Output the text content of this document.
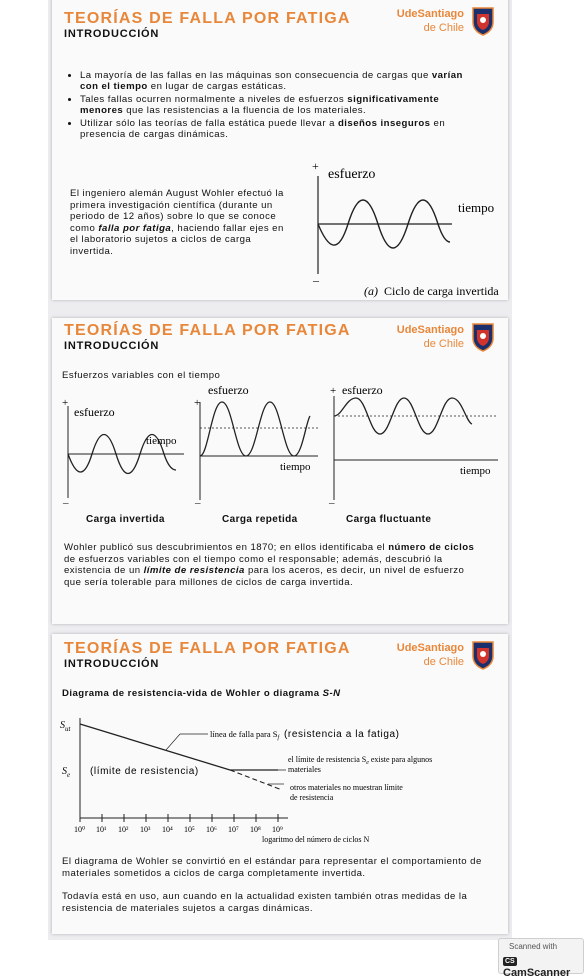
TEORÍAS DE FALLA POR FATIGA
INTRODUCCIÓN
UdeSantiago
de Chile
• La mayoría de las fallas en las máquinas son consecuencia de cargas que varían con el tiempo en lugar de cargas estáticas.
• Tales fallas ocurren normalmente a niveles de esfuerzos significativamente menores que las resistencias a la fluencia de los materiales.
• Utilizar sólo las teorías de falla estática puede llevar a diseños inseguros en presencia de cargas dinámicas.
El ingeniero alemán August Wohler efectuó la primera investigación científica (durante un periodo de 12 años) sobre lo que se conoce como falla por fatiga, haciendo fallar ejes en el laboratorio sujetos a ciclos de carga invertida.
+
esfuerzo
tiempo
–
(a) Ciclo de carga invertida
TEORÍAS DE FALLA POR FATIGA
INTRODUCCIÓN
UdeSantiago
de Chile
Esfuerzos variables con el tiempo
+
esfuerzo
tiempo
–
+
esfuerzo
tiempo
–
+ esfuerzo
tiempo
–
Carga invertida	Carga repetida	Carga fluctuante
Wohler publicó sus descubrimientos en 1870; en ellos identificaba el número de ciclos de esfuerzos variables con el tiempo como el responsable; además, descubrió la existencia de un límite de resistencia para los aceros, es decir, un nivel de esfuerzo que sería tolerable para millones de ciclos de carga invertida.
TEORÍAS DE FALLA POR FATIGA
INTRODUCCIÓN
UdeSantiago
de Chile
Diagrama de resistencia-vida de Wohler o diagrama S-N
$S_{ut}$
$S_e$
línea de falla para $S_f$ (resistencia a la fatiga)
(límite de resistencia)
el límite de resistencia $S_e$ existe para algunos
materiales
otros materiales no muestran límite
de resistencia
10⁰ 10¹ 10² 10³ 10⁴ 10⁵ 10⁶ 10⁷ 10⁸ 10⁹
logaritmo del número de ciclos N
El diagrama de Wohler se convirtió en el estándar para representar el comportamiento de materiales sometidos a ciclos de carga completamente invertida.
Todavía está en uso, aun cuando en la actualidad existen también otras medidas de la resistencia de materiales sujetos a cargas dinámicas.
Scanned with
CSCamScanner
